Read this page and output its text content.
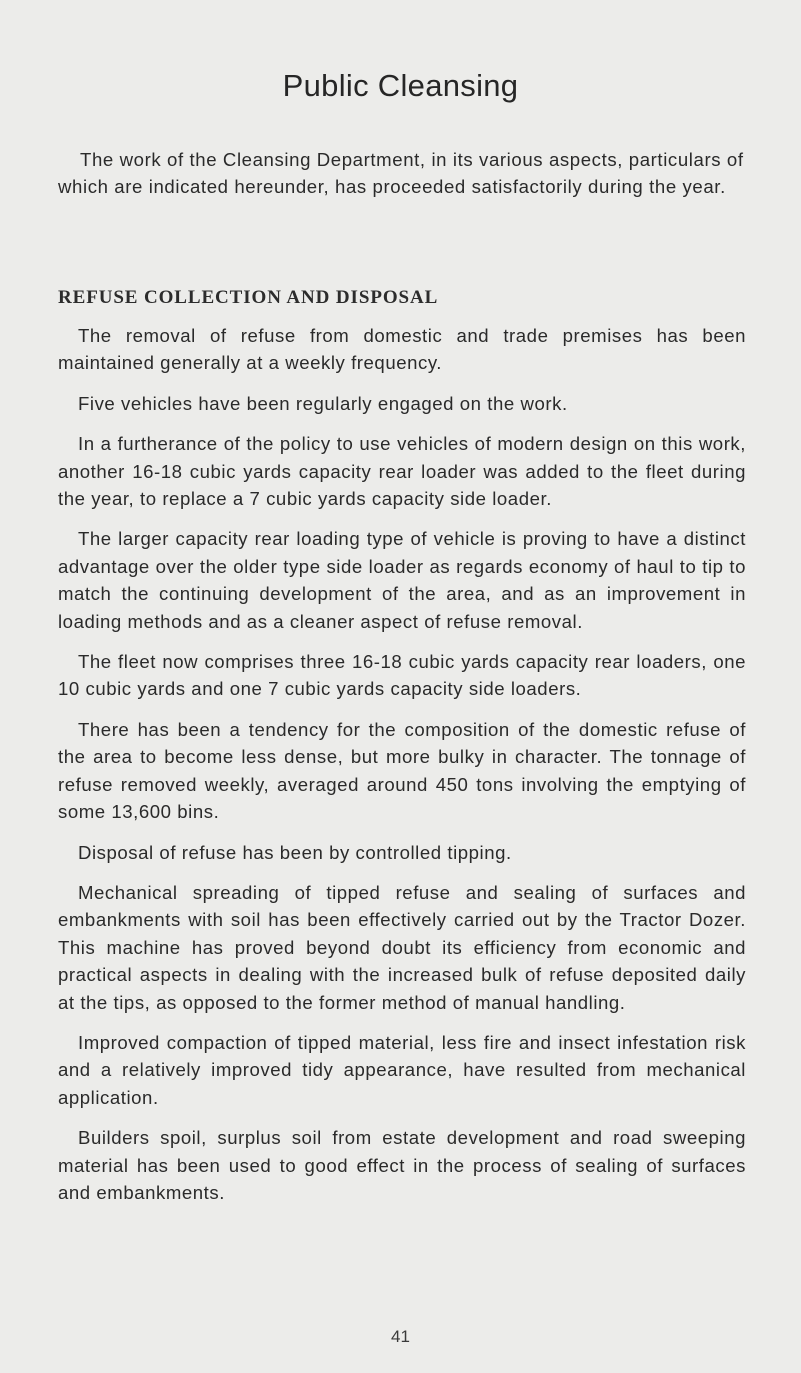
Public Cleansing

The work of the Cleansing Department, in its various aspects, particulars of which are indicated hereunder, has proceeded satisfactorily during the year.

REFUSE COLLECTION AND DISPOSAL

The removal of refuse from domestic and trade premises has been maintained generally at a weekly frequency.

Five vehicles have been regularly engaged on the work.

In a furtherance of the policy to use vehicles of modern design on this work, another 16-18 cubic yards capacity rear loader was added to the fleet during the year, to replace a 7 cubic yards capacity side loader.

The larger capacity rear loading type of vehicle is proving to have a distinct advantage over the older type side loader as regards economy of haul to tip to match the continuing development of the area, and as an improvement in loading methods and as a cleaner aspect of refuse removal.

The fleet now comprises three 16-18 cubic yards capacity rear loaders, one 10 cubic yards and one 7 cubic yards capacity side loaders.

There has been a tendency for the composition of the domestic refuse of the area to become less dense, but more bulky in character. The tonnage of refuse removed weekly, averaged around 450 tons involving the emptying of some 13,600 bins.

Disposal of refuse has been by controlled tipping.

Mechanical spreading of tipped refuse and sealing of surfaces and embankments with soil has been effectively carried out by the Tractor Dozer. This machine has proved beyond doubt its efficiency from economic and practical aspects in dealing with the increased bulk of refuse deposited daily at the tips, as opposed to the former method of manual handling.

Improved compaction of tipped material, less fire and insect infestation risk and a relatively improved tidy appearance, have resulted from mechanical application.

Builders spoil, surplus soil from estate development and road sweeping material has been used to good effect in the process of sealing of surfaces and embankments.

41
